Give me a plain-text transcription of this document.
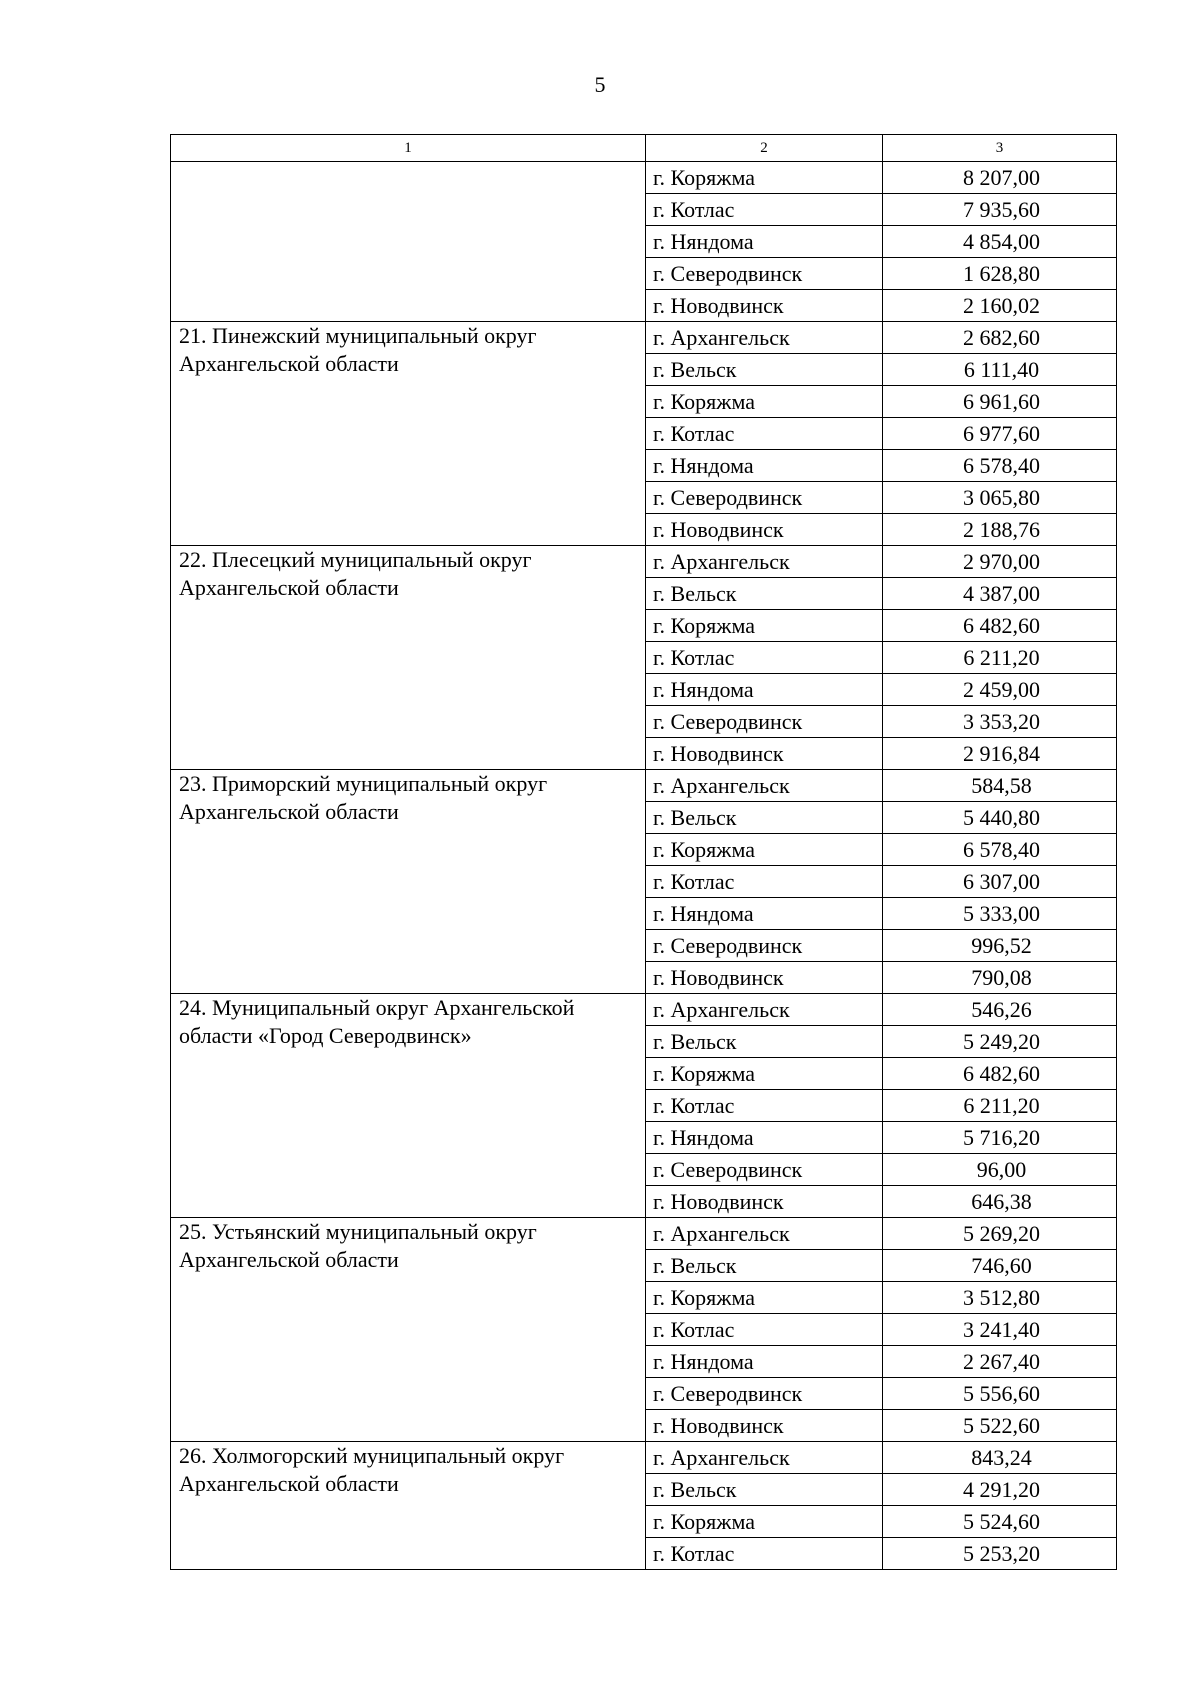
5
1	2	3
	г. Коряжма	8 207,00
	г. Котлас	7 935,60
	г. Няндома	4 854,00
	г. Северодвинск	1 628,80
	г. Новодвинск	2 160,02
21. Пинежский муниципальный округ Архангельской области	г. Архангельск	2 682,60
	г. Вельск	6 111,40
	г. Коряжма	6 961,60
	г. Котлас	6 977,60
	г. Няндома	6 578,40
	г. Северодвинск	3 065,80
	г. Новодвинск	2 188,76
22. Плесецкий муниципальный округ Архангельской области	г. Архангельск	2 970,00
	г. Вельск	4 387,00
	г. Коряжма	6 482,60
	г. Котлас	6 211,20
	г. Няндома	2 459,00
	г. Северодвинск	3 353,20
	г. Новодвинск	2 916,84
23. Приморский муниципальный округ Архангельской области	г. Архангельск	584,58
	г. Вельск	5 440,80
	г. Коряжма	6 578,40
	г. Котлас	6 307,00
	г. Няндома	5 333,00
	г. Северодвинск	996,52
	г. Новодвинск	790,08
24. Муниципальный округ Архангельской области «Город Северодвинск»	г. Архангельск	546,26
	г. Вельск	5 249,20
	г. Коряжма	6 482,60
	г. Котлас	6 211,20
	г. Няндома	5 716,20
	г. Северодвинск	96,00
	г. Новодвинск	646,38
25. Устьянский муниципальный округ Архангельской области	г. Архангельск	5 269,20
	г. Вельск	746,60
	г. Коряжма	3 512,80
	г. Котлас	3 241,40
	г. Няндома	2 267,40
	г. Северодвинск	5 556,60
	г. Новодвинск	5 522,60
26. Холмогорский муниципальный округ Архангельской области	г. Архангельск	843,24
	г. Вельск	4 291,20
	г. Коряжма	5 524,60
	г. Котлас	5 253,20
